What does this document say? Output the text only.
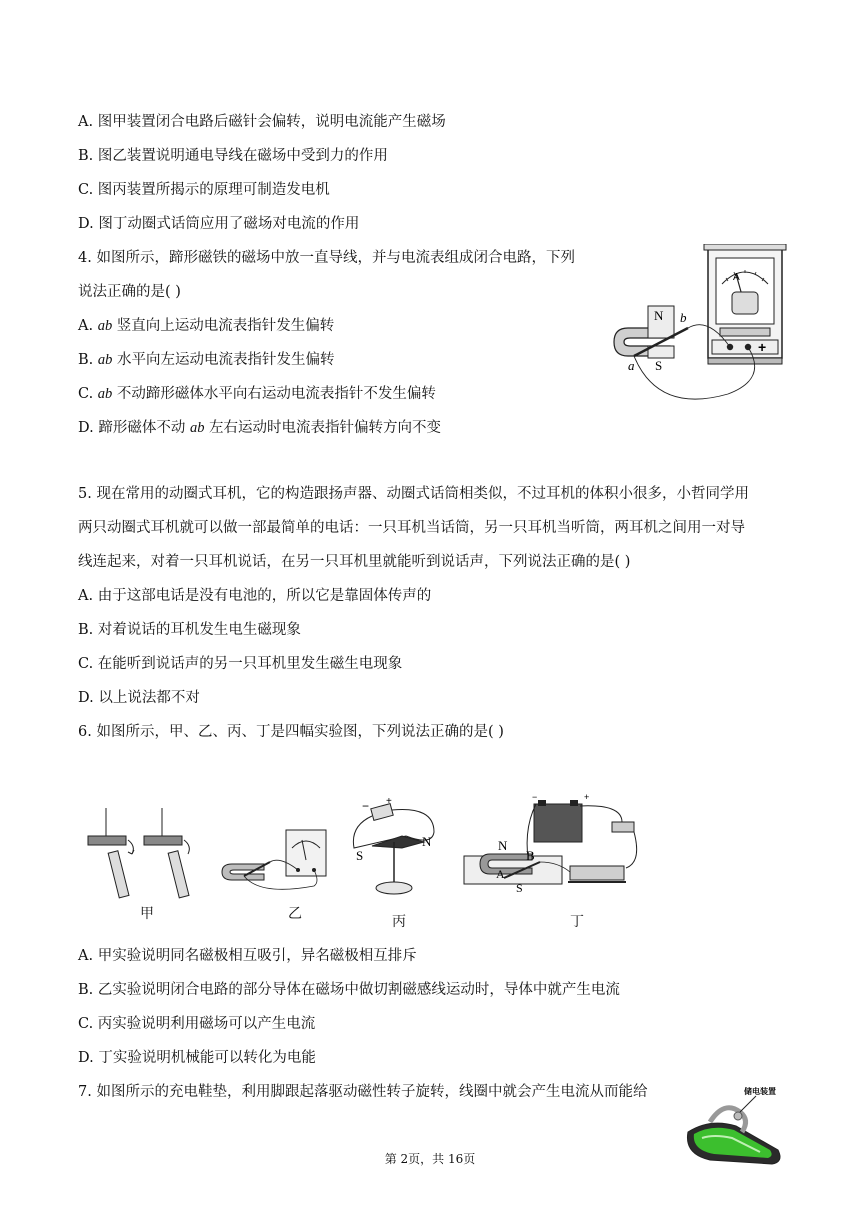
A. 图甲装置闭合电路后磁针会偏转，说明电流能产生磁场
B. 图乙装置说明通电导线在磁场中受到力的作用
C. 图丙装置所揭示的原理可制造发电机
D. 图丁动圈式话筒应用了磁场对电流的作用
4. 如图所示，蹄形磁铁的磁场中放一直导线，并与电流表组成闭合电路，下列
说法正确的是( )
A. ab 竖直向上运动电流表指针发生偏转
B. ab 水平向左运动电流表指针发生偏转
C. ab 不动蹄形磁体水平向右运动电流表指针不发生偏转
D. 蹄形磁体不动 ab 左右运动时电流表指针偏转方向不变
A
+
N
S
a
b
5. 现在常用的动圈式耳机，它的构造跟扬声器、动圈式话筒相类似，不过耳机的体积小很多，小哲同学用
两只动圈式耳机就可以做一部最简单的电话：一只耳机当话筒，另一只耳机当听筒，两耳机之间用一对导
线连起来，对着一只耳机说话，在另一只耳机里就能听到说话声，下列说法正确的是( )
A. 由于这部电话是没有电池的，所以它是靠固体传声的
B. 对着说话的耳机发生电生磁现象
C. 在能听到说话声的另一只耳机里发生磁生电现象
D. 以上说法都不对
6. 如图所示，甲、乙、丙、丁是四幅实验图，下列说法正确的是( )
甲	乙
− +
S
N
丙
−	+
N
B
A
S
丁
A. 甲实验说明同名磁极相互吸引，异名磁极相互排斥
B. 乙实验说明闭合电路的部分导体在磁场中做切割磁感线运动时，导体中就产生电流
C. 丙实验说明利用磁场可以产生电流
D. 丁实验说明机械能可以转化为电能
7. 如图所示的充电鞋垫，利用脚跟起落驱动磁性转子旋转，线圈中就会产生电流从而能给	储电装置
第 2页，共 16页
